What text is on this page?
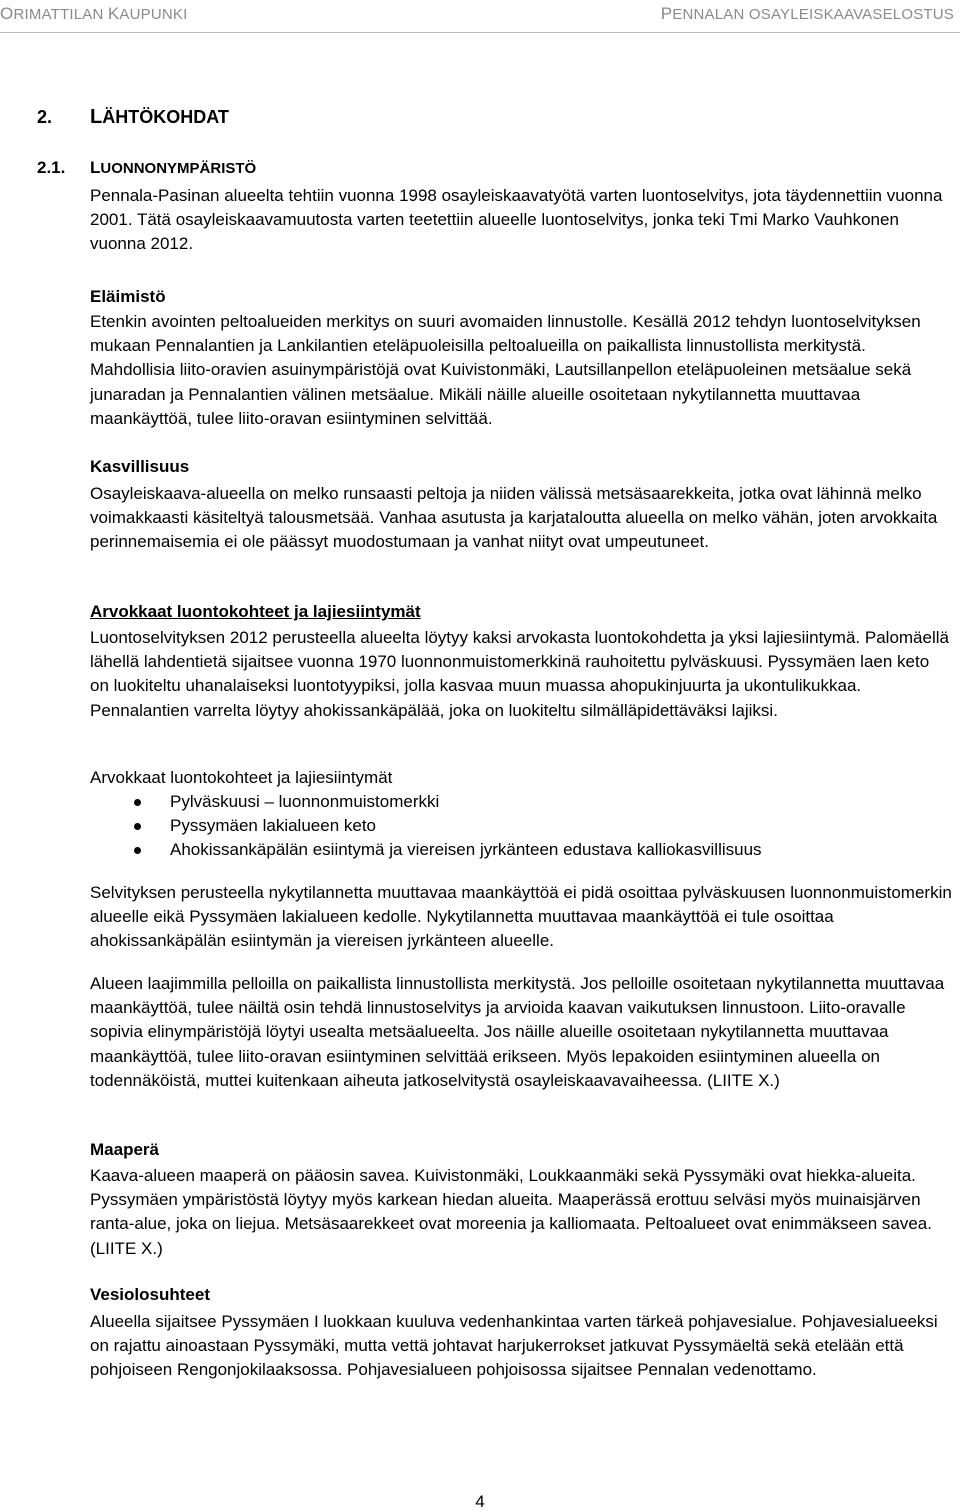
ORIMATTILAN KAUPUNKI	PENNALAN OSAYLEISKAAVASELOSTUS
2. LÄHTÖKOHDAT
2.1. LUONNONYMPÄRISTÖ

Pennala-Pasinan alueelta tehtiin vuonna 1998 osayleiskaavatyötä varten luontoselvitys, jota täydennettiin vuonna 2001. Tätä osayleiskaavamuutosta varten teetettiin alueelle luontoselvitys, jonka teki Tmi Marko Vauhkonen vuonna 2012.

Eläimistö

Etenkin avointen peltoalueiden merkitys on suuri avomaiden linnustolle. Kesällä 2012 tehdyn luontoselvityksen mukaan Pennalantien ja Lankilantien eteläpuoleisilla peltoalueilla on paikallista linnustollista merkitystä. Mahdollisia liito-oravien asuinympäristöjä ovat Kuivistonmäki, Lautsillanpellon eteläpuoleinen metsäalue sekä junaradan ja Pennalantien välinen metsäalue. Mikäli näille alueille osoitetaan nykytilannetta muuttavaa maankäyttöä, tulee liito-oravan esiintyminen selvittää.

Kasvillisuus

Osayleiskaava-alueella on melko runsaasti peltoja ja niiden välissä metsäsaarekkeita, jotka ovat lähinnä melko voimakkaasti käsiteltyä talousmetsää. Vanhaa asutusta ja karjataloutta alueella on melko vähän, joten arvokkaita perinnemaisemia ei ole päässyt muodostumaan ja vanhat niityt ovat umpeutuneet.

Arvokkaat luontokohteet ja lajiesiintymät

Luontoselvityksen 2012 perusteella alueelta löytyy kaksi arvokasta luontokohdetta ja yksi lajiesiintymä. Palomäellä lähellä lahdentietä sijaitsee vuonna 1970 luonnonmuistomerkkinä rauhoitettu pylväskuusi. Pyssymäen laen keto on luokiteltu uhanalaiseksi luontotyypiksi, jolla kasvaa muun muassa ahopukinjuurta ja ukontulikukkaa. Pennalantien varrelta löytyy ahokissankäpälää, joka on luokiteltu silmälläpidettäväksi lajiksi.

Arvokkaat luontokohteet ja lajiesiintymät
Pylväskuusi – luonnonmuistomerkki
Pyssymäen lakialueen keto
Ahokissankäpälän esiintymä ja viereisen jyrkänteen edustava kalliokasvillisuus

Selvityksen perusteella nykytilannetta muuttavaa maankäyttöä ei pidä osoittaa pylväskuusen luonnonmuistomerkin alueelle eikä Pyssymäen lakialueen kedolle. Nykytilannetta muuttavaa maankäyttöä ei tule osoittaa ahokissankäpälän esiintymän ja viereisen jyrkänteen alueelle.

Alueen laajimmilla pelloilla on paikallista linnustollista merkitystä. Jos pelloille osoitetaan nykytilannetta muuttavaa maankäyttöä, tulee näiltä osin tehdä linnustoselvitys ja arvioida kaavan vaikutuksen linnustoon. Liito-oravalle sopivia elinympäristöjä löytyi usealta metsäalueelta. Jos näille alueille osoitetaan nykytilannetta muuttavaa maankäyttöä, tulee liito-oravan esiintyminen selvittää erikseen. Myös lepakoiden esiintyminen alueella on todennäköistä, muttei kuitenkaan aiheuta jatkoselvitystä osayleiskaavavaiheessa. (LIITE X.)

Maaperä

Kaava-alueen maaperä on pääosin savea. Kuivistonmäki, Loukkaanmäki sekä Pyssymäki ovat hiekka-alueita. Pyssymäen ympäristöstä löytyy myös karkean hiedan alueita. Maaperässä erottuu selväsi myös muinaisjärven ranta-alue, joka on liejua. Metsäsaarekkeet ovat moreenia ja kalliomaata. Peltoalueet ovat enimmäkseen savea. (LIITE X.)

Vesiolosuhteet

Alueella sijaitsee Pyssymäen I luokkaan kuuluva vedenhankintaa varten tärkeä pohjavesialue. Pohjavesialueeksi on rajattu ainoastaan Pyssymäki, mutta vettä johtavat harjukerrokset jatkuvat Pyssymäeltä sekä etelään että pohjoiseen Rengonjokilaaksossa. Pohjavesialueen pohjoisossa sijaitsee Pennalan vedenottamo.

4
